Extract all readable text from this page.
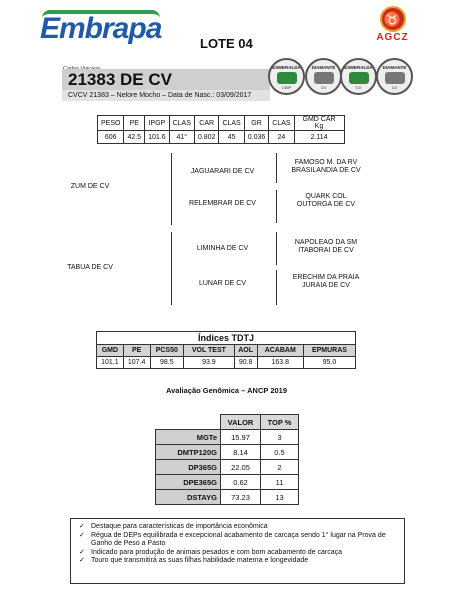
Embrapa	LOTE 04
♉
AGCZ
21383 DE CV
CVCV 21383 – Nelore Mocho – Data de Nasc.: 03/09/2017
ESMERALDA
CEIP
DIAMANTE
CV
ESMERALDA
CV
DIAMANTE
CV
PESO	PE	IPGP	CLAS	CAR	CLAS	GR	CLAS	GMD CAR Kg
606	42.5	101.6	41°	0.802	45	0.036	24	2.114
ZUM DE CV
TABUA DE CV
JAGUARARI DE CV
RELEMBRAR DE CV
LIMINHA DE CV
LUNAR DE CV
FAMOSO M. DA RV
BRASILANDIA DE CV
QUARK COL
OUTORGA DE CV
NAPOLEAO DA SM
ITABORAI DE CV
ERECHIM DA PRAIA
JURAIA DE CV
Índices TDTJ						
GMD	PE	PCS50	VOL TEST	AOL	ACABAM	EPMURAS
101.1	107.4	98.5	93.9	90.8	163.8	95.0
Avaliação Genômica – ANCP 2019
	VALOR	TOP %
MGTe	15.97	3
DMTP120G	8.14	0.5
DP365G	22.05	2
DPE365G	0.62	11
DSTAYG	73.23	13
✓ Destaque para características de importância econômica
✓ Régua de DEPs equilibrada e excepcional acabamento de carcaça sendo 1° lugar na Prova de Ganho de Peso a Pasto
✓ Indicado para produção de animais pesados e com bom acabamento de carcaça
✓ Touro que transmitirá as suas filhas habilidade materna e longevidade
